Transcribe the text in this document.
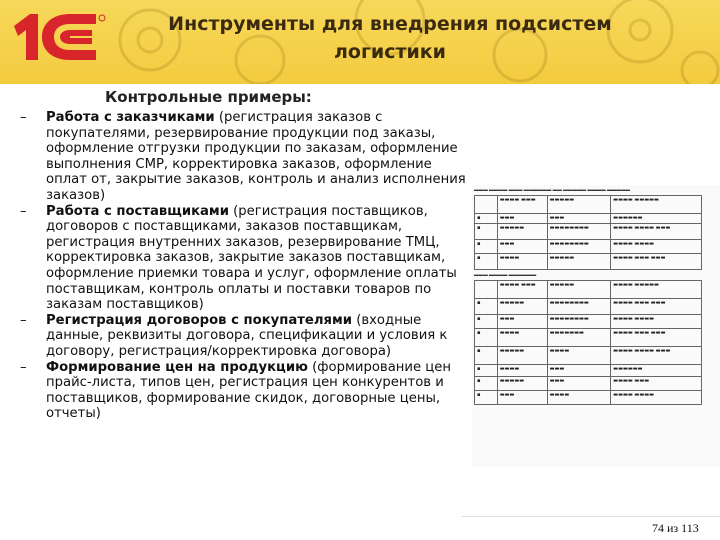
Инструменты для внедрения подсистем логистики
Контрольные примеры:
– Работа с заказчиками (регистрация заказов с покупателями, резервирование продукции под заказы, оформление отгрузки продукции по заказам, оформление выполнения СМР, корректировка заказов, оформление оплат от, закрытие заказов, контроль и анализ исполнения заказов)
– Работа с поставщиками (регистрация поставщиков, договоров с поставщиками, заказов поставщикам, регистрация внутренних заказов, резервирование ТМЦ, корректировка заказов, закрытие заказов поставщикам, оформление приемки товара и услуг, оформление оплаты поставщикам, контроль оплаты и поставки товаров по заказам поставщиков)
– Регистрация договоров с покупателями (входные данные, реквизиты договора, спецификации и условия к договору, регистрация/корректировка договора)
– Формирование цен на продукцию (формирование цен прайс-листа, типов цен, регистрация цен конкурентов и поставщиков, формирование скидок, договорные цены, отчеты)
▬▬▬ ▬▬▬▬ ▬▬▬ ▬▬▬▬▬▬ ▬▬ ▬▬▬▬▬ ▬▬▬▬ ▬▬▬▬▬
	▬▬▬▬ ▬▬▬	▬▬▬▬▬	▬▬▬▬ ▬▬▬▬▬
▪	▬▬▬	▬▬▬	▬▬▬▬▬▬
▪	▬▬▬▬▬	▬▬▬▬▬▬▬▬	▬▬▬▬ ▬▬▬▬ ▬▬▬
▪	▬▬▬	▬▬▬▬▬▬▬▬	▬▬▬▬ ▬▬▬▬
▪	▬▬▬▬	▬▬▬▬▬	▬▬▬▬ ▬▬▬ ▬▬▬
▬▬▬ ▬▬▬▬ ▬▬▬▬▬▬
	▬▬▬▬ ▬▬▬	▬▬▬▬▬	▬▬▬▬ ▬▬▬▬▬
▪	▬▬▬▬▬	▬▬▬▬▬▬▬▬	▬▬▬▬ ▬▬▬ ▬▬▬
▪	▬▬▬	▬▬▬▬▬▬▬▬	▬▬▬▬ ▬▬▬▬
▪	▬▬▬▬	▬▬▬▬▬▬▬	▬▬▬▬ ▬▬▬ ▬▬▬
▪	▬▬▬▬▬	▬▬▬▬	▬▬▬▬ ▬▬▬▬ ▬▬▬
▪	▬▬▬▬	▬▬▬	▬▬▬▬▬▬
▪	▬▬▬▬▬	▬▬▬	▬▬▬▬ ▬▬▬
▪	▬▬▬	▬▬▬▬	▬▬▬▬ ▬▬▬▬
74 из 113
